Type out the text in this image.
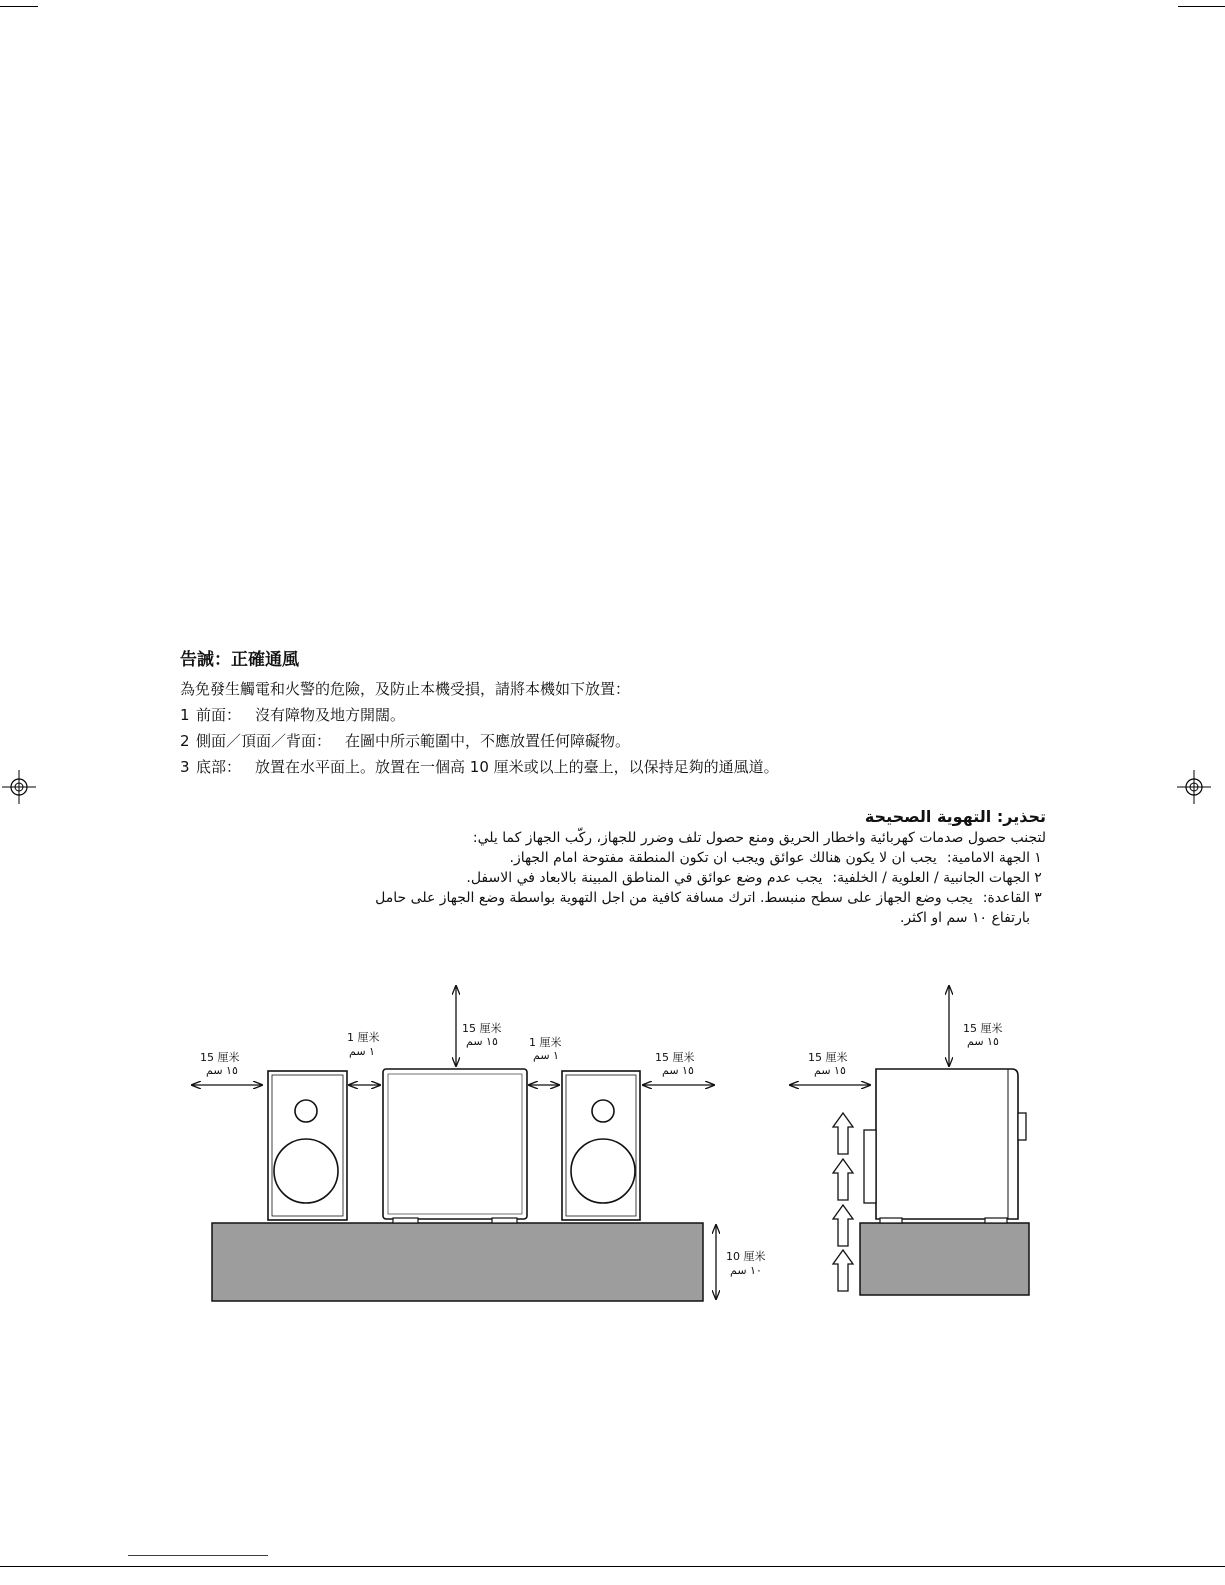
告誡：正確通風

為免發生觸電和火警的危險，及防止本機受損，請將本機如下放置：

1 前面： 沒有障物及地方開闊。

2 側面／頂面／背面： 在圖中所示範圍中，不應放置任何障礙物。

3 底部： 放置在水平面上。放置在一個高 10 厘米或以上的臺上，以保持足夠的通風道。

تحذير: التهوية الصحيحة

لتجنب حصول صدمات كهربائية واخطار الحريق ومنع حصول تلف وضرر للجهاز، ركّب الجهاز كما يلي:

١الجهة الامامية:يجب ان لا يكون هنالك عوائق ويجب ان تكون المنطقة مفتوحة امام الجهاز.

٢الجهات الجانبية / العلوية / الخلفية:يجب عدم وضع عوائق في المناطق المبينة بالابعاد في الاسفل.

٣القاعدة:يجب وضع الجهاز على سطح منبسط. اترك مسافة كافية من اجل التهوية بواسطة وضع الجهاز على حامل

بارتفاع ١٠ سم او اكثر.

15 厘米
١٥ سم
1 厘米
١ سم
15 厘米
١٥ سم	1 厘米
١ سم	15 厘米
١٥ سم
10 厘米
١٠ سم
15 厘米
١٥ سم
15 厘米
١٥ سم
